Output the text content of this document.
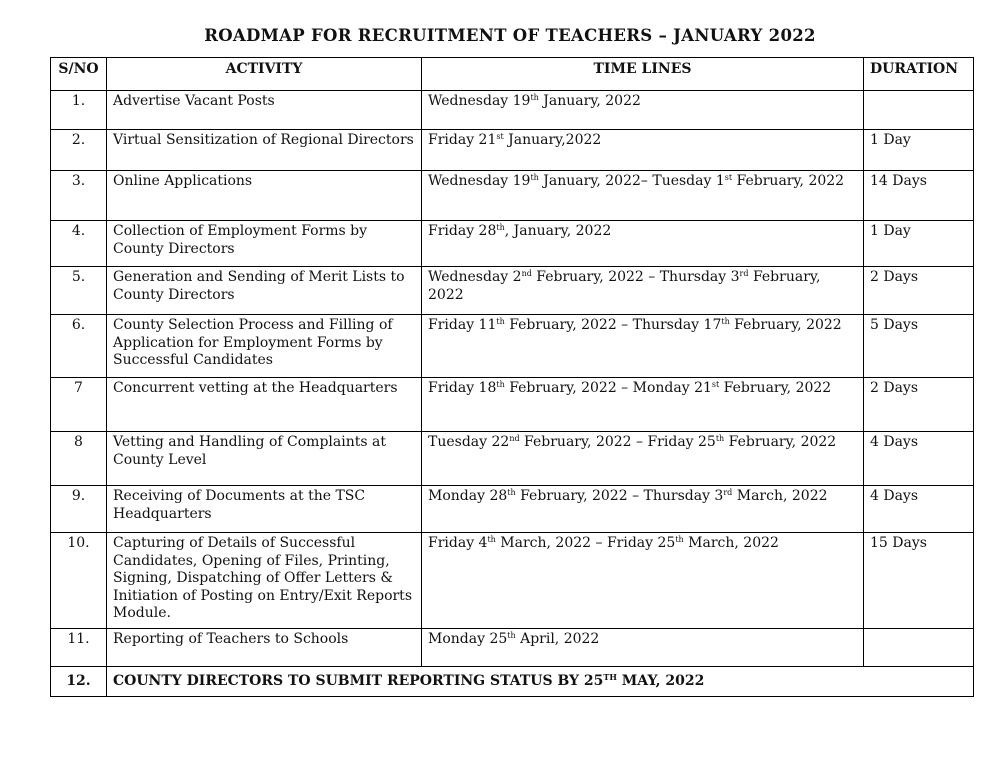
ROADMAP FOR RECRUITMENT OF TEACHERS – JANUARY 2022
S/NO	ACTIVITY	TIME LINES	DURATION
1.	Advertise Vacant Posts	Wednesday 19th January, 2022	
2.	Virtual Sensitization of Regional Directors	Friday 21st January,2022	1 Day
3.	Online Applications	Wednesday 19th January, 2022– Tuesday 1st February, 2022	14 Days
4.	Collection of Employment Forms by County Directors	Friday 28th, January, 2022	1 Day
5.	Generation and Sending of Merit Lists to County Directors	Wednesday 2nd February, 2022 – Thursday 3rd February, 2022	2 Days
6.	County Selection Process and Filling of Application for Employment Forms by Successful Candidates	Friday 11th February, 2022 – Thursday 17th February, 2022	5 Days
7	Concurrent vetting at the Headquarters	Friday 18th February, 2022 – Monday 21st February, 2022	2 Days
8	Vetting and Handling of Complaints at County Level	Tuesday 22nd February, 2022 – Friday 25th February, 2022	4 Days
9.	Receiving of Documents at the TSC Headquarters	Monday 28th February, 2022 – Thursday 3rd March, 2022	4 Days
10.	Capturing of Details of Successful Candidates, Opening of Files, Printing, Signing, Dispatching of Offer Letters & Initiation of Posting on Entry/Exit Reports Module.	Friday 4th March, 2022 – Friday 25th March, 2022	15 Days
11.	Reporting of Teachers to Schools	Monday 25th April, 2022	
12.	COUNTY DIRECTORS TO SUBMIT REPORTING STATUS BY 25TH MAY, 2022		
